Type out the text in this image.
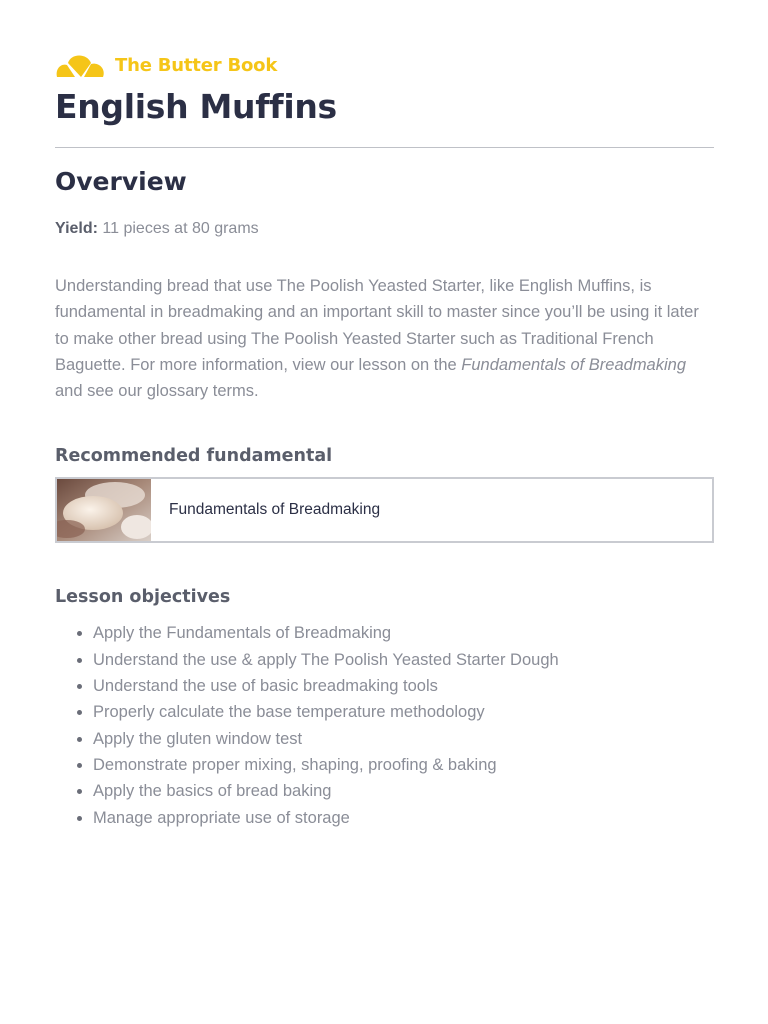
The Butter Book
English Muffins
Overview
Yield: 11 pieces at 80 grams

Understanding bread that use The Poolish Yeasted Starter, like English Muffins, is fundamental in breadmaking and an important skill to master since you’ll be using it later to make other bread using The Poolish Yeasted Starter such as Traditional French Baguette. For more information, view our lesson on the Fundamentals of Breadmaking and see our glossary terms.

Recommended fundamental
Fundamentals of Breadmaking
Lesson objectives
Apply the Fundamentals of Breadmaking
Understand the use & apply The Poolish Yeasted Starter Dough
Understand the use of basic breadmaking tools
Properly calculate the base temperature methodology
Apply the gluten window test
Demonstrate proper mixing, shaping, proofing & baking
Apply the basics of bread baking
Manage appropriate use of storage
